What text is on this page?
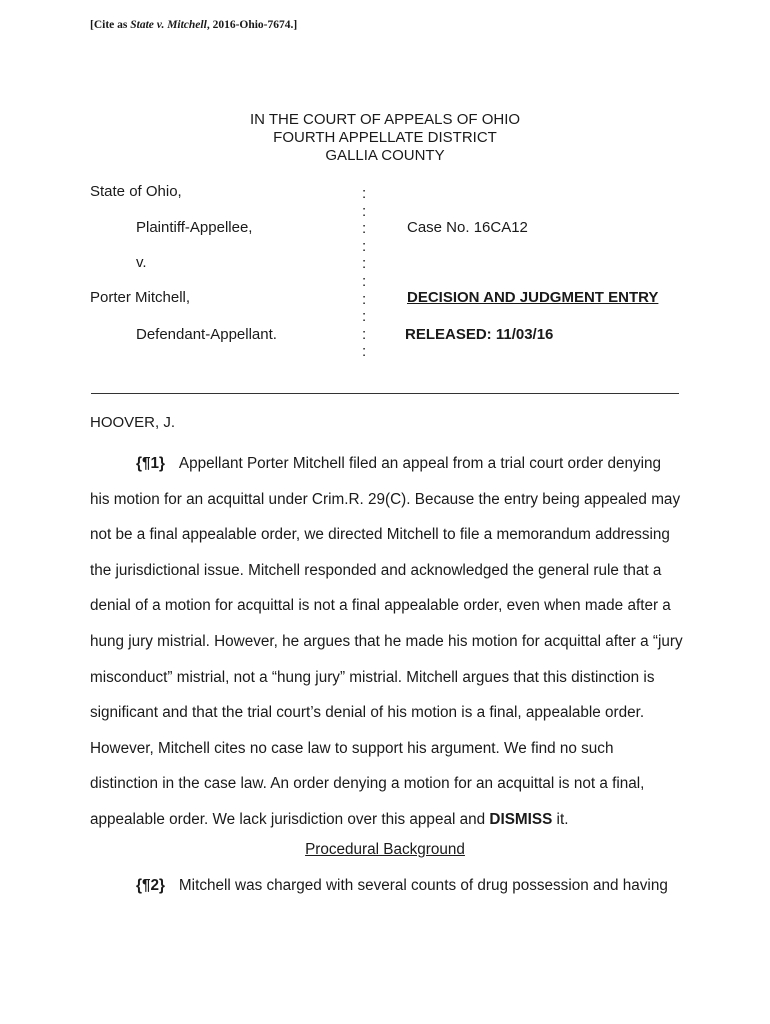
[Cite as State v. Mitchell, 2016-Ohio-7674.]
IN THE COURT OF APPEALS OF OHIO
FOURTH APPELLATE DISTRICT
GALLIA COUNTY
State of Ohio,
Plaintiff-Appellee,
v.
Porter Mitchell,
Defendant-Appellant.
:
:
:
:
:
:
:
:
:
:
Case No. 16CA12
DECISION AND JUDGMENT ENTRY
RELEASED: 11/03/16
HOOVER, J.
{¶1} Appellant Porter Mitchell filed an appeal from a trial court order denying
his motion for an acquittal under Crim.R. 29(C). Because the entry being appealed may
not be a final appealable order, we directed Mitchell to file a memorandum addressing
the jurisdictional issue. Mitchell responded and acknowledged the general rule that a
denial of a motion for acquittal is not a final appealable order, even when made after a
hung jury mistrial. However, he argues that he made his motion for acquittal after a “jury
misconduct” mistrial, not a “hung jury” mistrial. Mitchell argues that this distinction is
significant and that the trial court’s denial of his motion is a final, appealable order.
However, Mitchell cites no case law to support his argument. We find no such
distinction in the case law. An order denying a motion for an acquittal is not a final,
appealable order. We lack jurisdiction over this appeal and DISMISS it.
Procedural Background
{¶2} Mitchell was charged with several counts of drug possession and having
